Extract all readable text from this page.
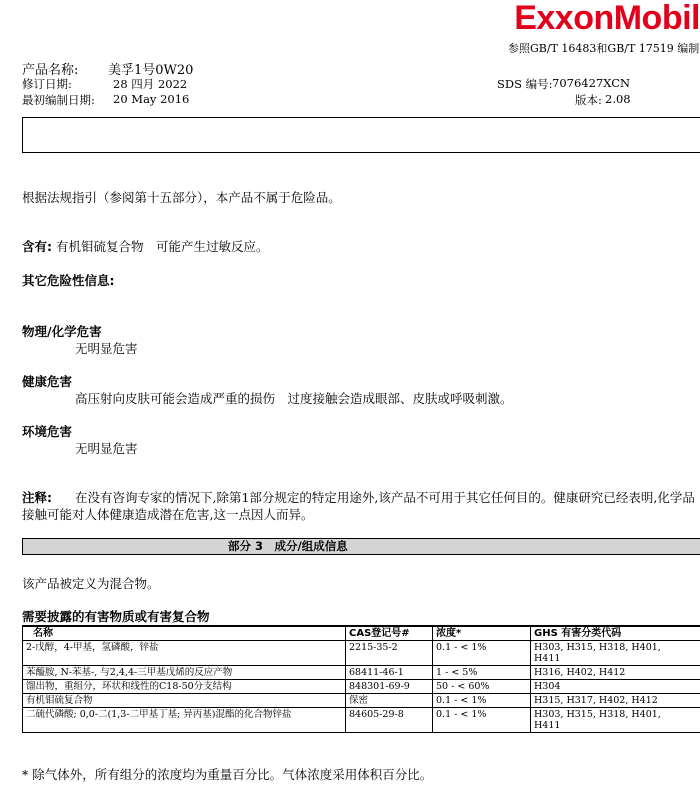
ExxonMobil
参照GB/T 16483和GB/T 17519 编制
产品名称: 美孚1号0W20
修订日期:	28 四月 2022	SDS 编号: 7076427XCN
最初编制日期: 20 May 2016	版本: 2.08
根据法规指引（参阅第十五部分），本产品不属于危险品。
含有: 有机钼硫复合物　可能产生过敏反应。
其它危险性信息:
物理/化学危害
无明显危害
健康危害
高压射向皮肤可能会造成严重的损伤　过度接触会造成眼部、皮肤或呼吸刺激。
环境危害
无明显危害
注释: 在没有咨询专家的情况下,除第1部分规定的特定用途外,该产品不可用于其它任何目的。健康研究已经表明,化学品
接触可能对人体健康造成潜在危害,这一点因人而异。
部分 3　成分/组成信息
该产品被定义为混合物。
需要披露的有害物质或有害复合物
名称	CAS登记号#	浓度*	GHS 有害分类代码
2-戊醇，4-甲基，氢磷酸，锌盐	2215-35-2	0.1 - < 1%	H303, H315, H318, H401,
H411

苯醯胺, N-苯基-, 与2,4,4-三甲基戊烯的反应产物	68411-46-1	1 - < 5%	H316, H402, H412
馏出物，重组分，环状和线性的C18-50分支结构	848301-69-9	50 - < 60%	H304
有机钼硫复合物	保密	0.1 - < 1%	H315, H317, H402, H412
二硫代磷酸; 0,0-二(1,3-二甲基丁基; 异丙基)混酯的化合物锌盐	84605-29-8	0.1 - < 1%	H303, H315, H318, H401,
H411
* 除气体外，所有组分的浓度均为重量百分比。气体浓度采用体积百分比。
